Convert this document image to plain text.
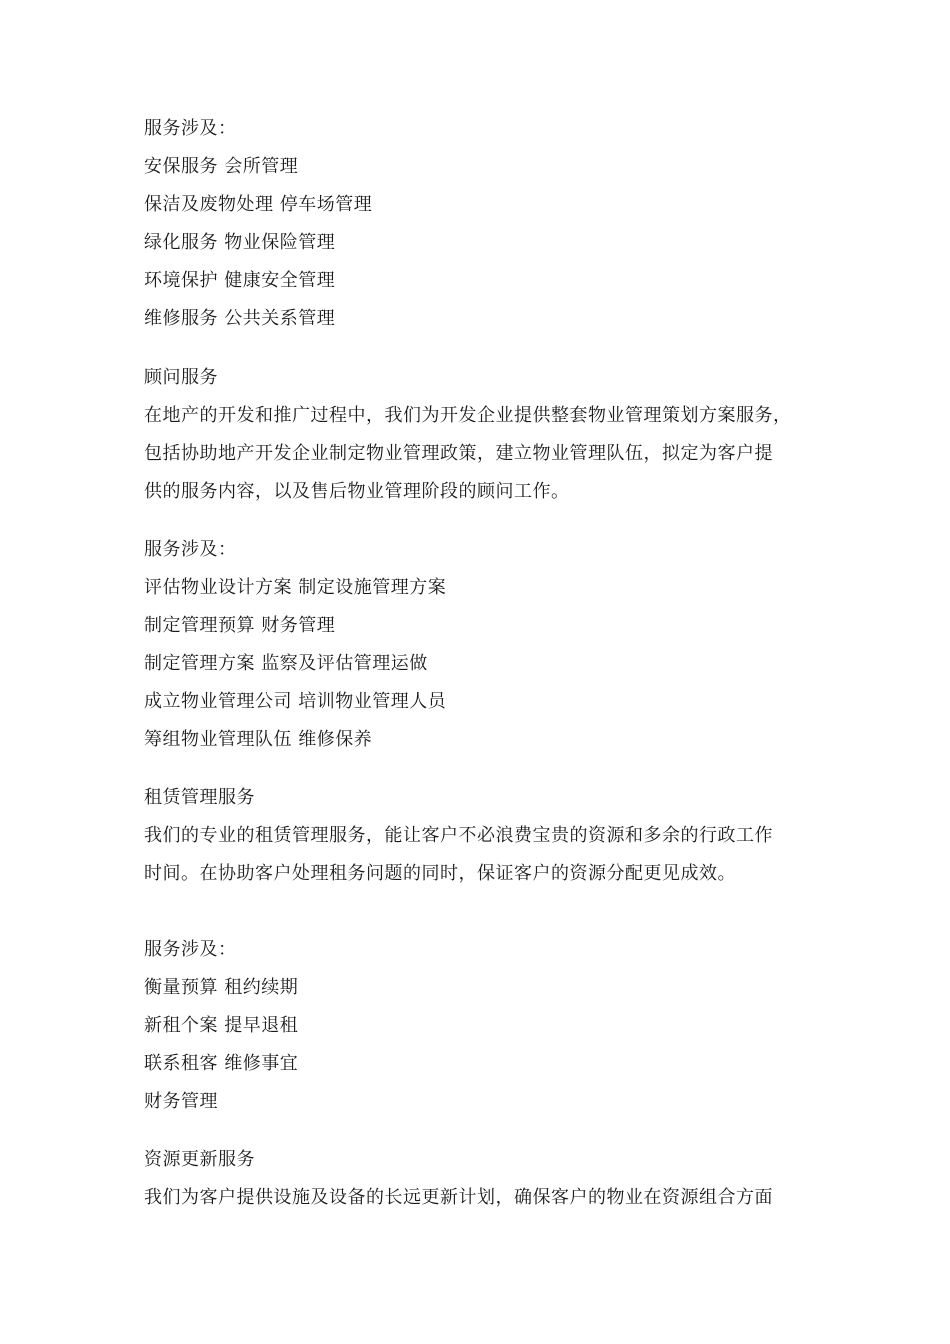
服务涉及：
安保服务 会所管理
保洁及废物处理 停车场管理
绿化服务 物业保险管理
环境保护 健康安全管理
维修服务 公共关系管理
顾问服务
在地产的开发和推广过程中，我们为开发企业提供整套物业管理策划方案服务，
包括协助地产开发企业制定物业管理政策，建立物业管理队伍，拟定为客户提
供的服务内容，以及售后物业管理阶段的顾问工作。
服务涉及：
评估物业设计方案 制定设施管理方案
制定管理预算 财务管理
制定管理方案 监察及评估管理运做
成立物业管理公司 培训物业管理人员
筹组物业管理队伍 维修保养
租赁管理服务
我们的专业的租赁管理服务，能让客户不必浪费宝贵的资源和多余的行政工作
时间。在协助客户处理租务问题的同时，保证客户的资源分配更见成效。
服务涉及：
衡量预算 租约续期
新租个案 提早退租
联系租客 维修事宜
财务管理
资源更新服务
我们为客户提供设施及设备的长远更新计划，确保客户的物业在资源组合方面
